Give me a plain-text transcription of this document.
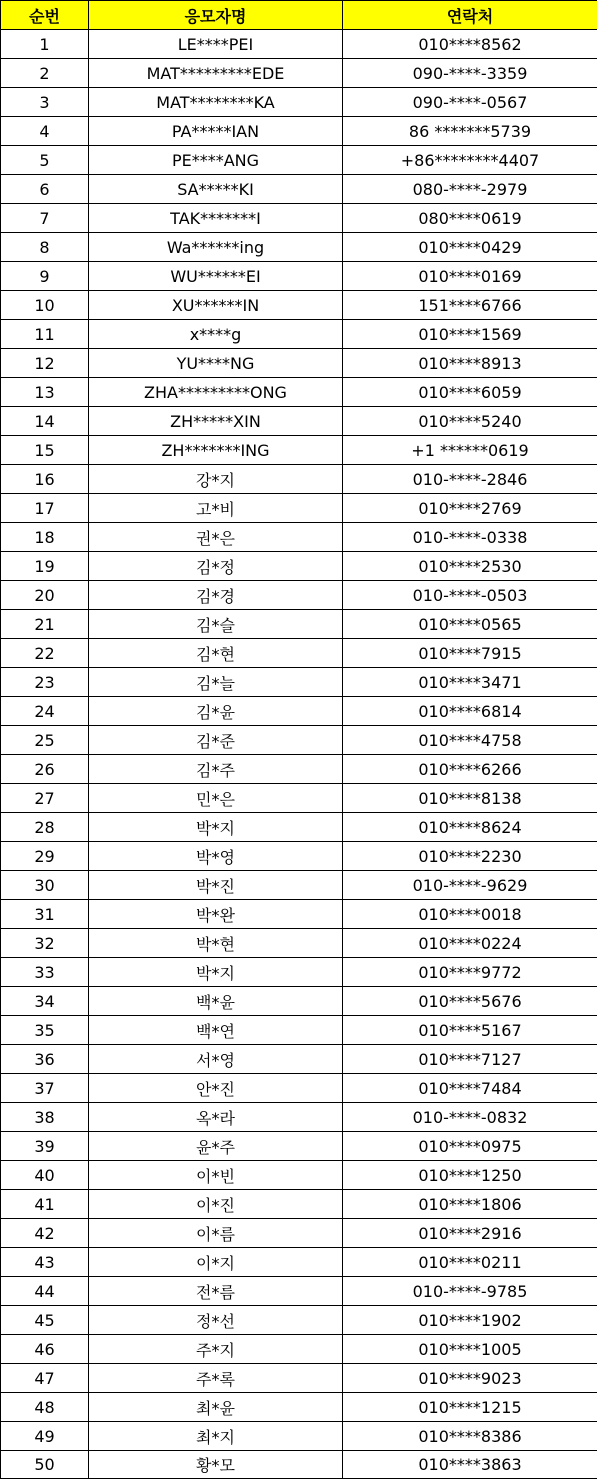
순번	응모자명	연락처
1	LE****PEI	010****8562
2	MAT*********EDE	090-****-3359
3	MAT********KA	090-****-0567
4	PA*****IAN	86 *******5739
5	PE****ANG	+86********4407
6	SA*****KI	080-****-2979
7	TAK*******I	080****0619
8	Wa******ing	010****0429
9	WU******EI	010****0169
10	XU******IN	151****6766
11	x****g	010****1569
12	YU****NG	010****8913
13	ZHA*********ONG	010****6059
14	ZH*****XIN	010****5240
15	ZH*******ING	+1 ******0619
16	강*지	010-****-2846
17	고*비	010****2769
18	권*은	010-****-0338
19	김*정	010****2530
20	김*경	010-****-0503
21	김*슬	010****0565
22	김*현	010****7915
23	김*늘	010****3471
24	김*윤	010****6814
25	김*준	010****4758
26	김*주	010****6266
27	민*은	010****8138
28	박*지	010****8624
29	박*영	010****2230
30	박*진	010-****-9629
31	박*완	010****0018
32	박*현	010****0224
33	박*지	010****9772
34	백*윤	010****5676
35	백*연	010****5167
36	서*영	010****7127
37	안*진	010****7484
38	옥*라	010-****-0832
39	윤*주	010****0975
40	이*빈	010****1250
41	이*진	010****1806
42	이*름	010****2916
43	이*지	010****0211
44	전*름	010-****-9785
45	정*선	010****1902
46	주*지	010****1005
47	주*록	010****9023
48	최*윤	010****1215
49	최*지	010****8386
50	황*모	010****3863
